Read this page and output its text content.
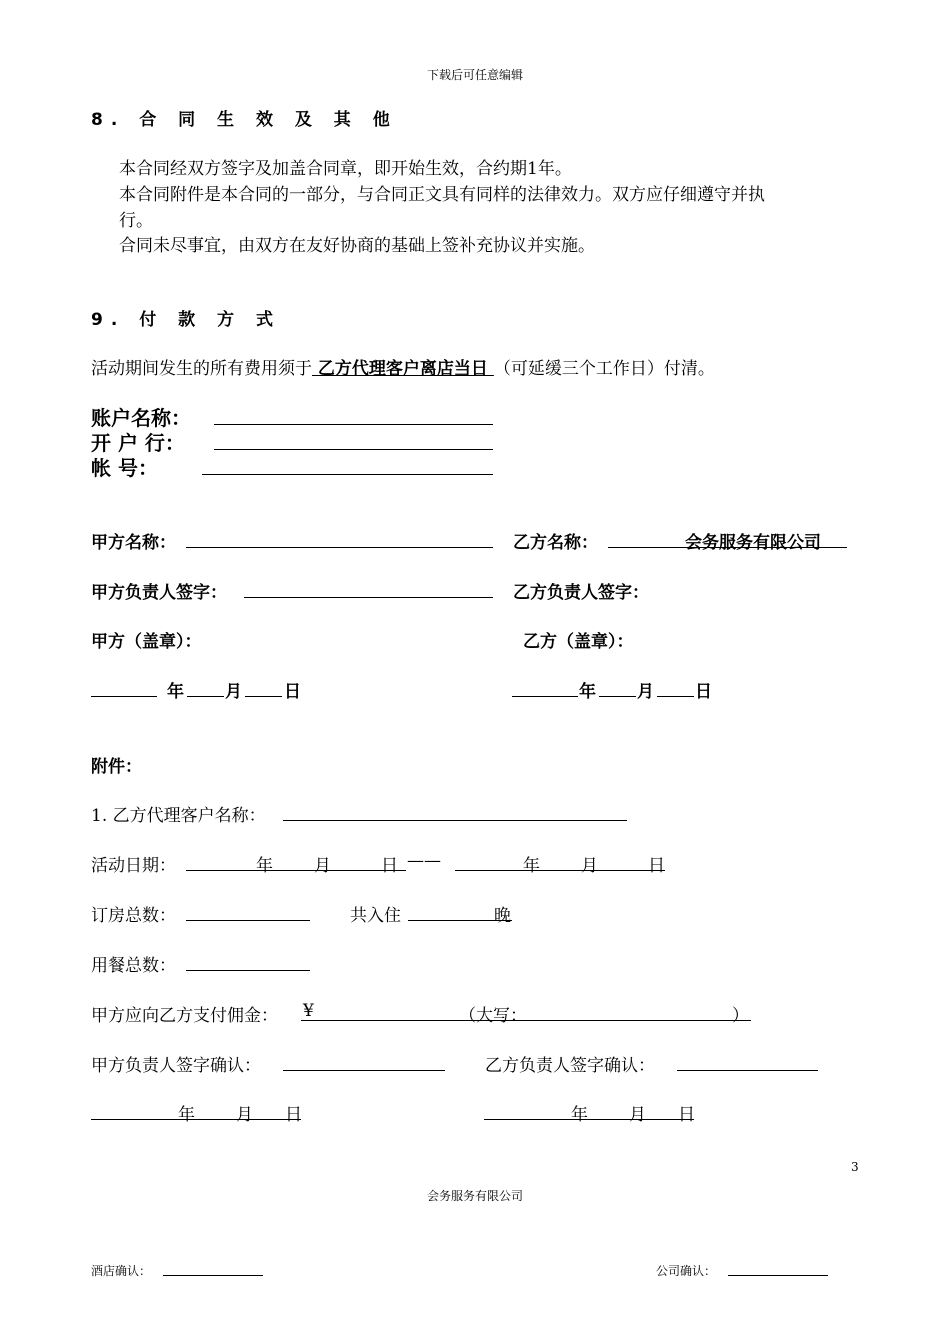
下载后可任意编辑
8. 合 同 生 效 及 其 他
本合同经双方签字及加盖合同章，即开始生效，合约期1年。
本合同附件是本合同的一部分，与合同正文具有同样的法律效力。双方应仔细遵守并执
行。
合同未尽事宜，由双方在友好协商的基础上签补充协议并实施。
9. 付 款 方 式
活动期间发生的所有费用须于 乙方代理客户离店当日 （可延缓三个工作日）付清。
账户名称：
开 户 行：
帐 号：
甲方名称：	乙方名称：	会务服务有限公司
甲方负责人签字：	乙方负责人签字：
甲方（盖章）：	乙方（盖章）：
年 月 日	年 月 日
附件：
1. 乙方代理客户名称：
活动日期：	年 月	日 ——	年 月	日
订房总数：	共入住	晚
用餐总数：
甲方应向乙方支付佣金： ¥	（大写：	）
甲方负责人签字确认：	乙方负责人签字确认：
年 月 日	年 月 日
3
会务服务有限公司
酒店确认：	公司确认：
